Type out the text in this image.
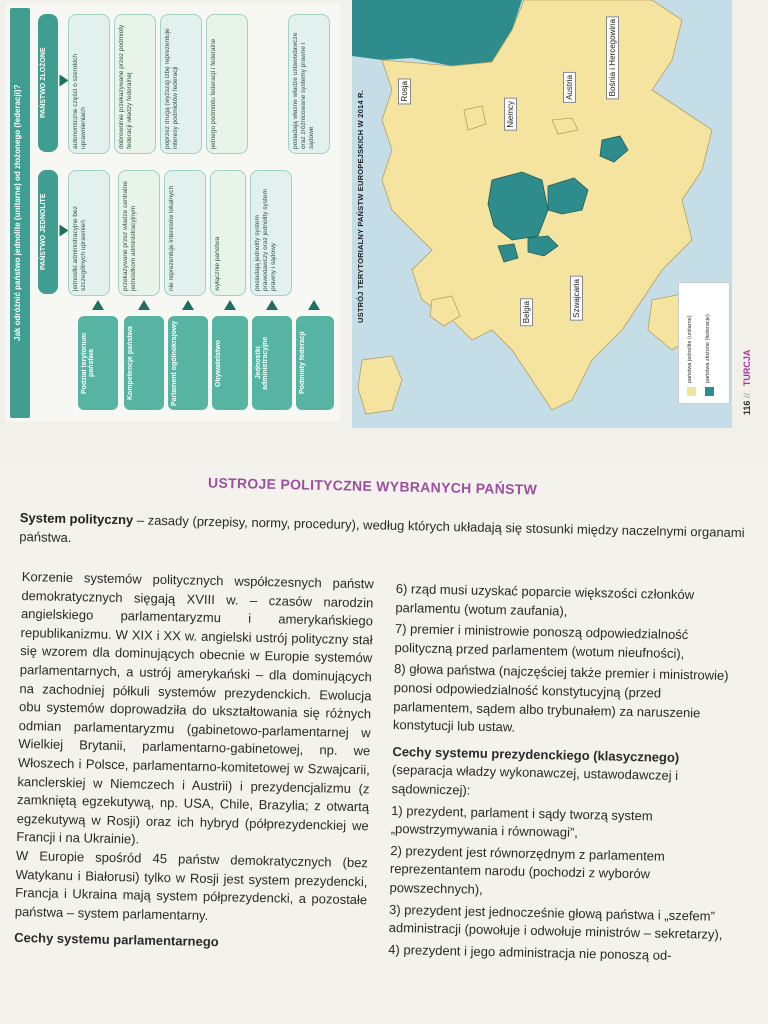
Jak odróżnić państwo jednolite (unitarne) od złożonego (federacji)?
PAŃSTWO ZŁOŻONE
PAŃSTWO JEDNOLITE
autonomiczne części o szerokich uprawnieniach	dobrowolnie przekazywane przez podmioty federacji władzy federalnej	poprzez drugą (wyższą) izbę reprezentuje interesy podmiotów federacji	jednego podmiotu federacji i federalne	posiadają własne władze ustawodawcze oraz zróżnicowane systemy prawne i sądowe
jednostki administracyjne bez szczególnych uprawnień	przekazywane przez władze centralne jednostkom administracyjnym	nie reprezentuje interesów lokalnych	wyłącznie państwa	posiadają jednolity system prawodawczy oraz jednolity system prawny i sądowy
Podział terytorium państwa	Kompetencje państwa	Parlament ogólnokrajowy	Obywatelstwo	Jednostki administracyjne	Podmioty federacji
USTRÓJ TERYTORIALNY PAŃSTW EUROPEJSKICH W 2014 R.	Rosja
Niemcy
Austria	Bośnia i Hercegowina
Belgia	Szwajcaria
państwa jednolite (unitarne) państwa złożone (federacje)
116 // TURCJA
USTROJE POLITYCZNE WYBRANYCH PAŃSTW
System polityczny – zasady (przepisy, normy, procedury), według których układają się stosunki między naczelnymi organami państwa.

Korzenie systemów politycznych współczesnych państw demokratycznych sięgają XVIII w. – czasów narodzin angielskiego parlamentaryzmu i amerykańskiego republikanizmu. W XIX i XX w. angielski ustrój polityczny stał się wzorem dla dominujących obecnie w Europie systemów parlamentarnych, a ustrój amerykański – dla dominujących na zachodniej półkuli systemów prezydenckich. Ewolucja obu systemów doprowadziła do ukształtowania się różnych odmian parlamentaryzmu (gabinetowo-parlamentarnej w Wielkiej Brytanii, parlamentarno-gabinetowej, np. we Włoszech i Polsce, parlamentarno-komitetowej w Szwajcarii, kanclerskiej w Niemczech i Austrii) i prezydencjalizmu (z zamkniętą egzekutywą, np. USA, Chile, Brazylia; z otwartą egzekutywą w Rosji) oraz ich hybryd (półprezydenckiej we Francji i na Ukrainie).

W Europie spośród 45 państw demokratycznych (bez Watykanu i Białorusi) tylko w Rosji jest system prezydencki, Francja i Ukraina mają system półprezydencki, a pozostałe państwa – system parlamentarny.

Cechy systemu parlamentarnego

6) rząd musi uzyskać poparcie większości członków parlamentu (wotum zaufania),
7) premier i ministrowie ponoszą odpowiedzialność polityczną przed parlamentem (wotum nieufności),
8) głowa państwa (najczęściej także premier i ministrowie) ponosi odpowiedzialność konstytucyjną (przed parlamentem, sądem albo trybunałem) za naruszenie konstytucji lub ustaw.
Cechy systemu prezydenckiego (klasycznego)
(separacja władzy wykonawczej, ustawodawczej i sądowniczej):
1) prezydent, parlament i sądy tworzą system „powstrzymywania i równowagi”,
2) prezydent jest równorzędnym z parlamentem reprezentantem narodu (pochodzi z wyborów powszechnych),
3) prezydent jest jednocześnie głową państwa i „szefem” administracji (powołuje i odwołuje ministrów – sekretarzy),
4) prezydent i jego administracja nie ponoszą od-
